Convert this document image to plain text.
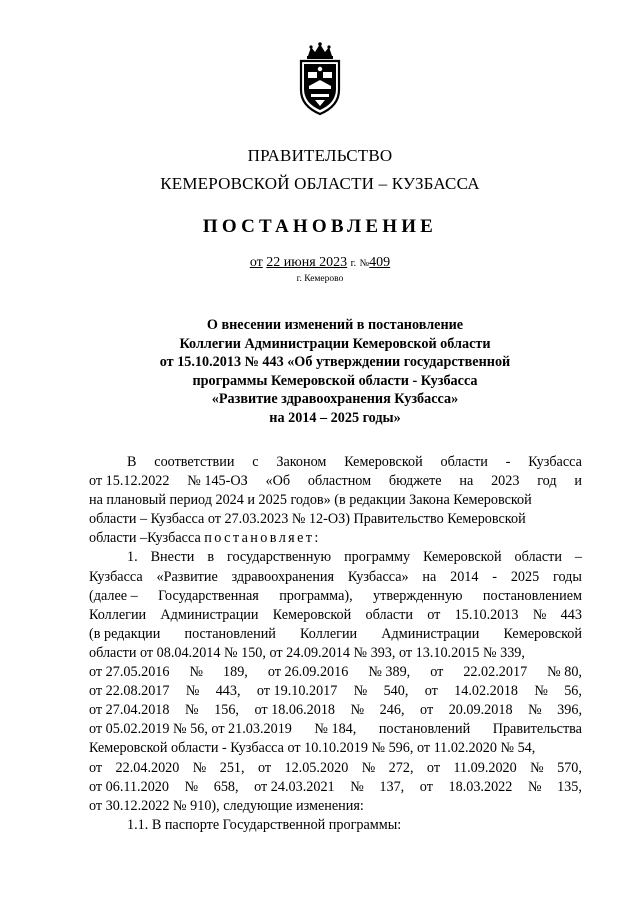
ПРАВИТЕЛЬСТВО
КЕМЕРОВСКОЙ ОБЛАСТИ – КУЗБАССА
ПОСТАНОВЛЕНИЕ
от 22 июня 2023 г. №409
г. Кемерово
О внесении изменений в постановление
Коллегии Администрации Кемеровской области
от 15.10.2013 № 443 «Об утверждении государственной
программы Кемеровской области - Кузбасса
«Развитие здравоохранения Кузбасса»
на 2014 – 2025 годы»
В соответствии с Законом Кемеровской области - Кузбасса
от 15.12.2022 № 145-ОЗ «Об областном бюджете на 2023 год и
на плановый период 2024 и 2025 годов» (в редакции Закона Кемеровской
области – Кузбасса от 27.03.2023 № 12-ОЗ) Правительство Кемеровской
области –Кузбасса постановляет:
1. Внести в государственную программу Кемеровской области –
Кузбасса «Развитие здравоохранения Кузбасса» на 2014 - 2025 годы
(далее – Государственная программа), утвержденную постановлением
Коллегии Администрации Кемеровской области от 15.10.2013 № 443
(в редакции постановлений Коллегии Администрации Кемеровской
области от 08.04.2014 № 150, от 24.09.2014 № 393, от 13.10.2015 № 339,
от 27.05.2016 № 189, от 26.09.2016 № 389, от 22.02.2017 № 80,
от 22.08.2017 № 443, от 19.10.2017 № 540, от 14.02.2018 № 56,
от 27.04.2018 № 156, от 18.06.2018 № 246, от 20.09.2018 № 396,
от 05.02.2019 № 56, от 21.03.2019 № 184, постановлений Правительства
Кемеровской области - Кузбасса от 10.10.2019 № 596, от 11.02.2020 № 54,
от 22.04.2020 № 251, от 12.05.2020 № 272, от 11.09.2020 № 570,
от 06.11.2020 № 658, от 24.03.2021 № 137, от 18.03.2022 № 135,
от 30.12.2022 № 910), следующие изменения:
1.1. В паспорте Государственной программы:
